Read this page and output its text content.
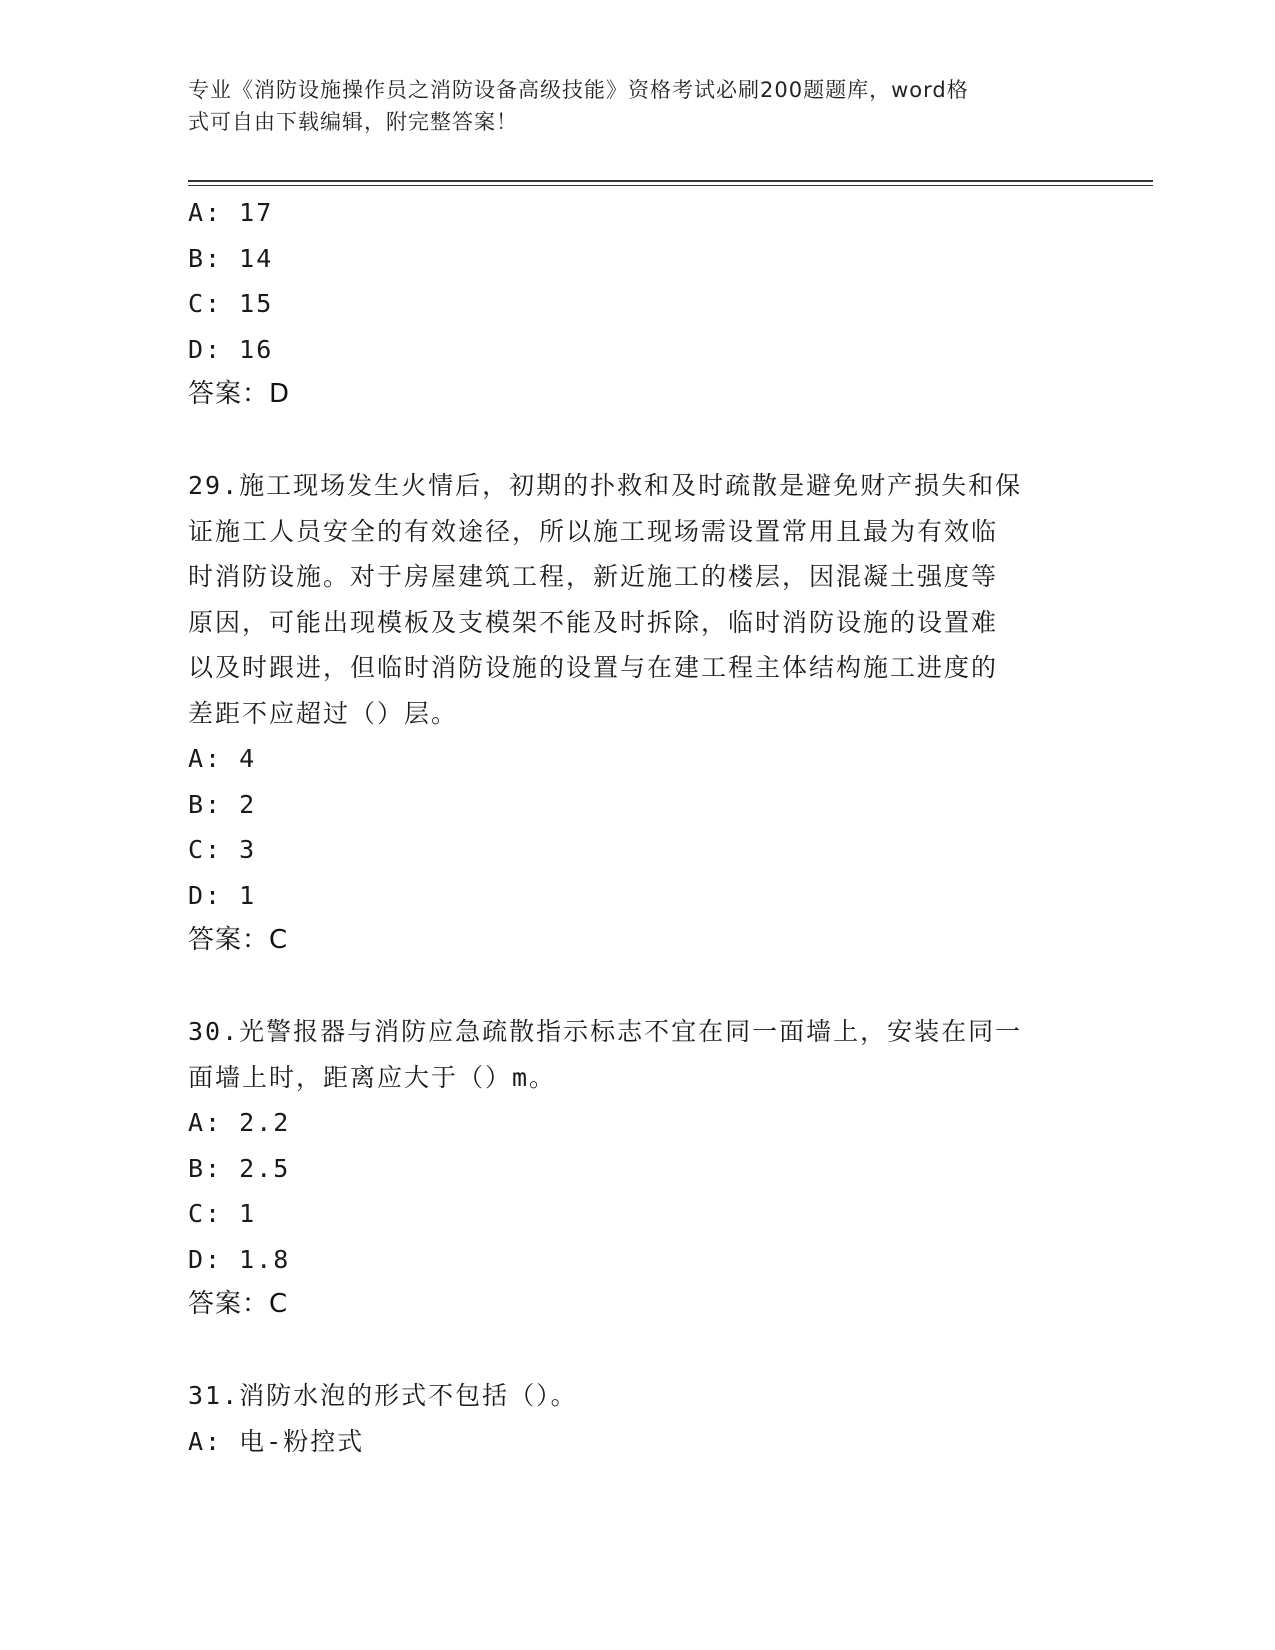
专业《消防设施操作员之消防设备高级技能》资格考试必刷200题题库，word格
式可自由下载编辑，附完整答案！
A: 17
B: 14
C: 15
D: 16
答案：D
29.施工现场发生火情后，初期的扑救和及时疏散是避免财产损失和保
证施工人员安全的有效途径，所以施工现场需设置常用且最为有效临
时消防设施。对于房屋建筑工程，新近施工的楼层，因混凝土强度等
原因，可能出现模板及支模架不能及时拆除，临时消防设施的设置难
以及时跟进，但临时消防设施的设置与在建工程主体结构施工进度的
差距不应超过（）层。
A: 4
B: 2
C: 3
D: 1
答案：C
30.光警报器与消防应急疏散指示标志不宜在同一面墙上，安装在同一
面墙上时，距离应大于（）m。
A: 2.2
B: 2.5
C: 1
D: 1.8
答案：C
31.消防水泡的形式不包括（）。
A: 电-粉控式
